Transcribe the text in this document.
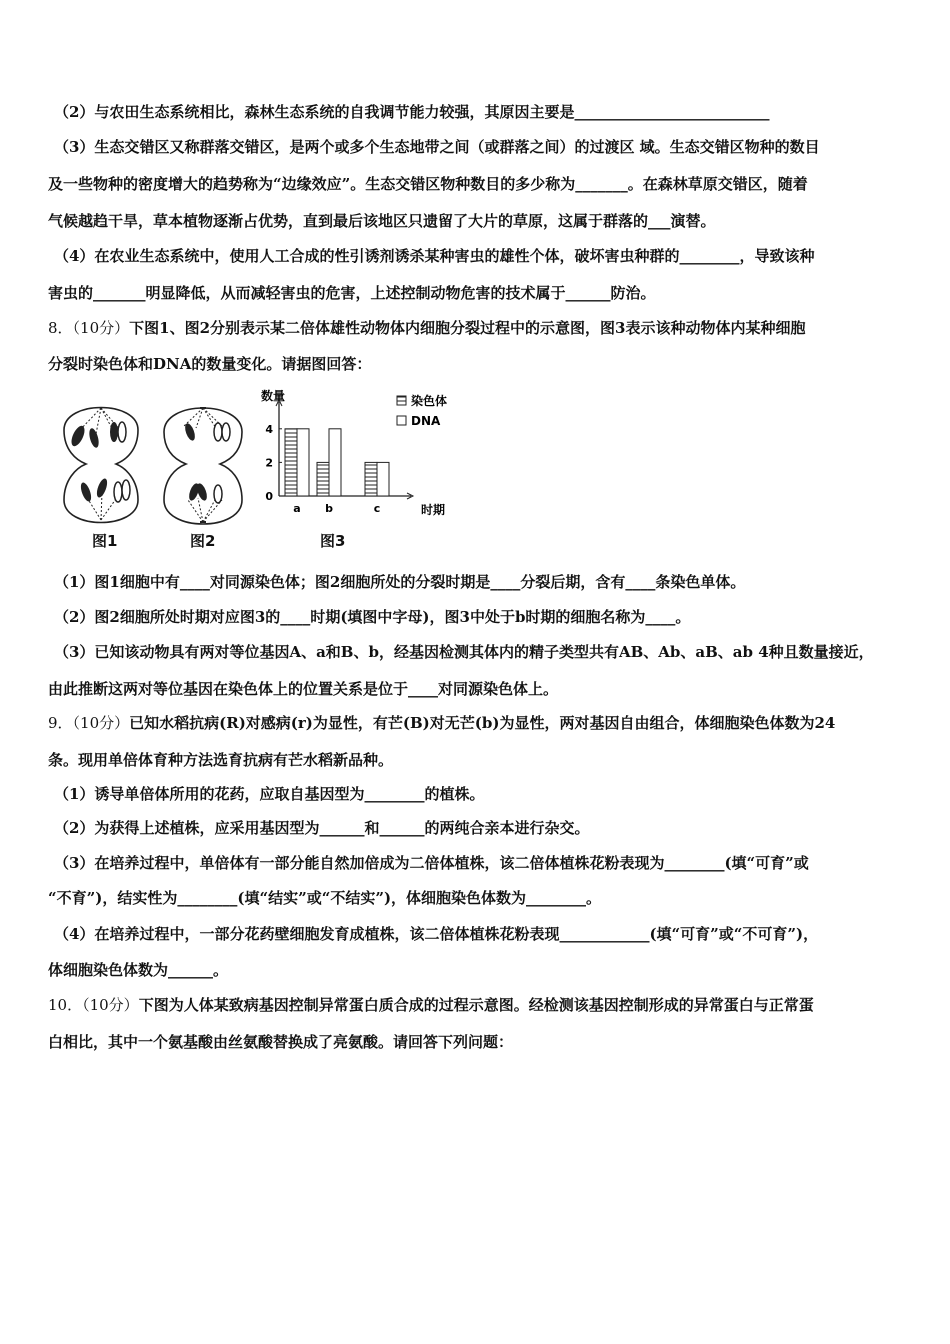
（2）与农田生态系统相比，森林生态系统的自我调节能力较强，其原因主要是__________________________
（3）生态交错区又称群落交错区，是两个或多个生态地带之间（或群落之间）的过渡区 域。生态交错区物种的数目
及一些物种的密度增大的趋势称为“边缘效应”。生态交错区物种数目的多少称为_______。在森林草原交错区，随着
气候越趋干旱，草本植物逐渐占优势，直到最后该地区只遗留了大片的草原，这属于群落的___演替。
（4）在农业生态系统中，使用人工合成的性引诱剂诱杀某种害虫的雄性个体，破坏害虫种群的________，导致该种
害虫的_______明显降低，从而减轻害虫的危害，上述控制动物危害的技术属于______防治。
8．（10分）下图1、图2分别表示某二倍体雄性动物体内细胞分裂过程中的示意图，图3表示该种动物体内某种细胞
分裂时染色体和DNA的数量变化。请据图回答：
数量
0
2
4
a b	c	时期
染色体
DNA
图1	图2	图3
（1）图1细胞中有____对同源染色体；图2细胞所处的分裂时期是____分裂后期，含有____条染色单体。
（2）图2细胞所处时期对应图3的____时期(填图中字母)，图3中处于b时期的细胞名称为____。
（3）已知该动物具有两对等位基因A、a和B、b，经基因检测其体内的精子类型共有AB、Ab、aB、ab 4种且数量接近，
由此推断这两对等位基因在染色体上的位置关系是位于____对同源染色体上。
9．（10分）已知水稻抗病(R)对感病(r)为显性，有芒(B)对无芒(b)为显性，两对基因自由组合，体细胞染色体数为24
条。现用单倍体育种方法选育抗病有芒水稻新品种。
（1）诱导单倍体所用的花药，应取自基因型为________的植株。
（2）为获得上述植株，应采用基因型为______和______的两纯合亲本进行杂交。
（3）在培养过程中，单倍体有一部分能自然加倍成为二倍体植株，该二倍体植株花粉表现为________(填“可育”或
“不育”)，结实性为________(填“结实”或“不结实”)，体细胞染色体数为________。
（4）在培养过程中，一部分花药壁细胞发育成植株，该二倍体植株花粉表现____________(填“可育”或“不可育”)，
体细胞染色体数为______。
10．（10分）下图为人体某致病基因控制异常蛋白质合成的过程示意图。经检测该基因控制形成的异常蛋白与正常蛋
白相比，其中一个氨基酸由丝氨酸替换成了亮氨酸。请回答下列问题：
